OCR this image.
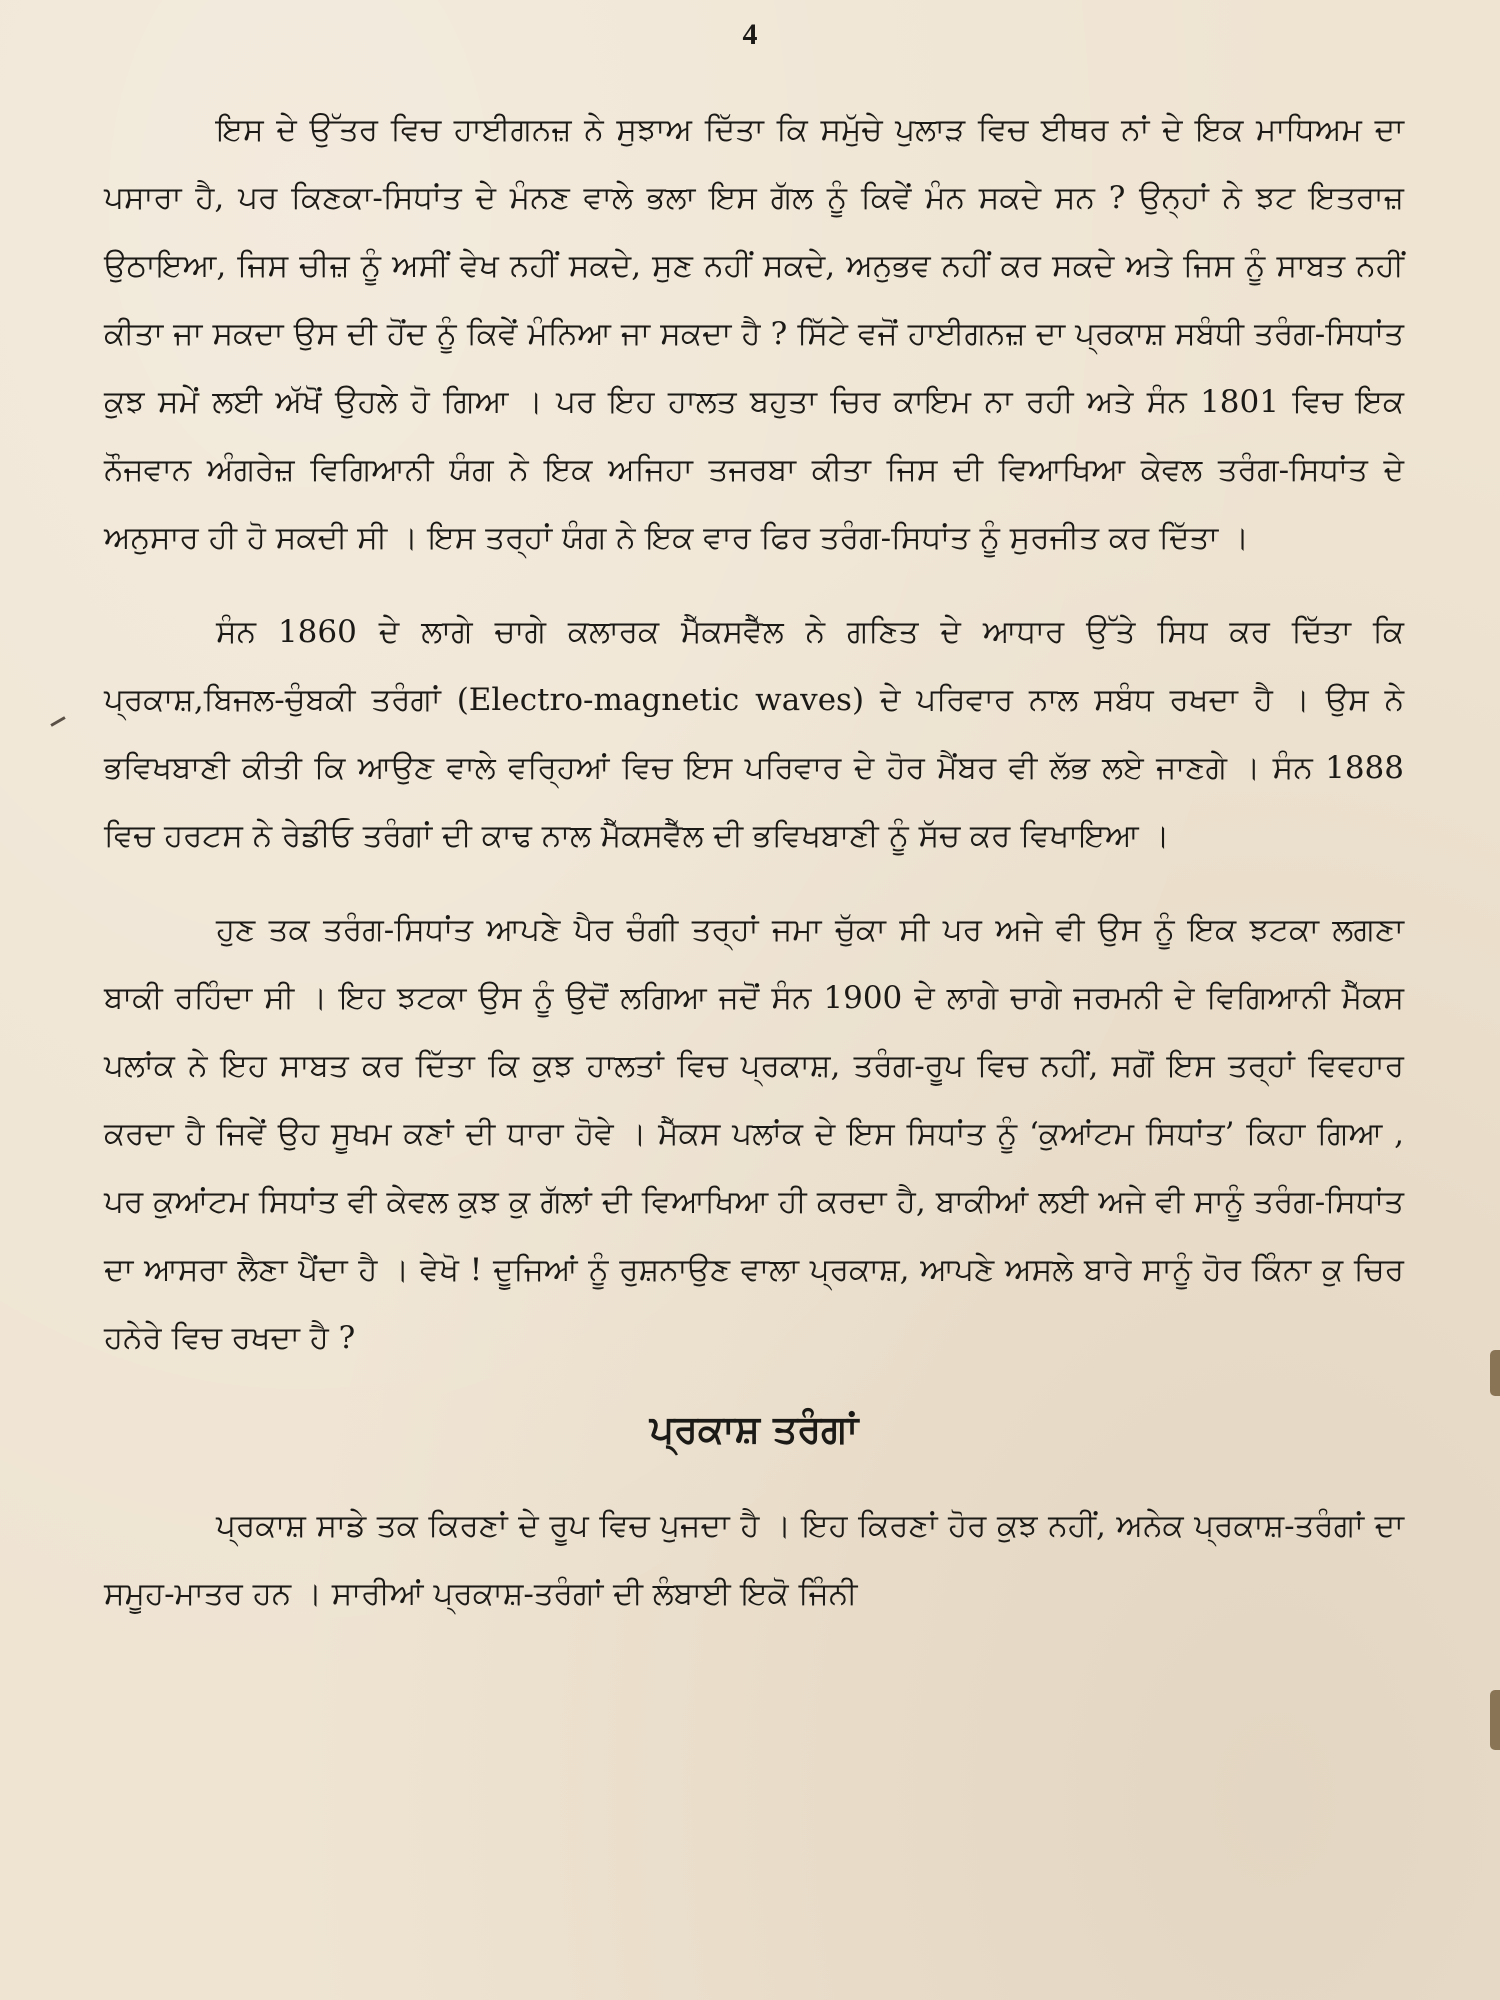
4

ਇਸ ਦੇ ਉੱਤਰ ਵਿਚ ਹਾਈਗਨਜ਼ ਨੇ ਸੁਝਾਅ ਦਿੱਤਾ ਕਿ ਸਮੁੱਚੇ ਪੁਲਾੜ ਵਿਚ ਈਥਰ ਨਾਂ ਦੇ ਇਕ ਮਾਧਿਅਮ ਦਾ ਪਸਾਰਾ ਹੈ, ਪਰ ਕਿਣਕਾ-ਸਿਧਾਂਤ ਦੇ ਮੰਨਣ ਵਾਲੇ ਭਲਾ ਇਸ ਗੱਲ ਨੂੰ ਕਿਵੇਂ ਮੰਨ ਸਕਦੇ ਸਨ ? ਉਨ੍ਹਾਂ ਨੇ ਝਟ ਇਤਰਾਜ਼ ਉਠਾਇਆ, ਜਿਸ ਚੀਜ਼ ਨੂੰ ਅਸੀਂ ਵੇਖ ਨਹੀਂ ਸਕਦੇ, ਸੁਣ ਨਹੀਂ ਸਕਦੇ, ਅਨੁਭਵ ਨਹੀਂ ਕਰ ਸਕਦੇ ਅਤੇ ਜਿਸ ਨੂੰ ਸਾਬਤ ਨਹੀਂ ਕੀਤਾ ਜਾ ਸਕਦਾ ਉਸ ਦੀ ਹੋਂਦ ਨੂੰ ਕਿਵੇਂ ਮੰਨਿਆ ਜਾ ਸਕਦਾ ਹੈ ? ਸਿੱਟੇ ਵਜੋਂ ਹਾਈਗਨਜ਼ ਦਾ ਪ੍ਰਕਾਸ਼ ਸਬੰਧੀ ਤਰੰਗ-ਸਿਧਾਂਤ ਕੁਝ ਸਮੇਂ ਲਈ ਅੱਖੋਂ ਉਹਲੇ ਹੋ ਗਿਆ । ਪਰ ਇਹ ਹਾਲਤ ਬਹੁਤਾ ਚਿਰ ਕਾਇਮ ਨਾ ਰਹੀ ਅਤੇ ਸੰਨ 1801 ਵਿਚ ਇਕ ਨੌਜਵਾਨ ਅੰਗਰੇਜ਼ ਵਿਗਿਆਨੀ ਯੰਗ ਨੇ ਇਕ ਅਜਿਹਾ ਤਜਰਬਾ ਕੀਤਾ ਜਿਸ ਦੀ ਵਿਆਖਿਆ ਕੇਵਲ ਤਰੰਗ-ਸਿਧਾਂਤ ਦੇ ਅਨੁਸਾਰ ਹੀ ਹੋ ਸਕਦੀ ਸੀ । ਇਸ ਤਰ੍ਹਾਂ ਯੰਗ ਨੇ ਇਕ ਵਾਰ ਫਿਰ ਤਰੰਗ-ਸਿਧਾਂਤ ਨੂੰ ਸੁਰਜੀਤ ਕਰ ਦਿੱਤਾ ।

ਸੰਨ 1860 ਦੇ ਲਾਗੇ ਚਾਗੇ ਕਲਾਰਕ ਮੈੱਕਸਵੈੱਲ ਨੇ ਗਣਿਤ ਦੇ ਆਧਾਰ ਉੱਤੇ ਸਿਧ ਕਰ ਦਿੱਤਾ ਕਿ ਪ੍ਰਕਾਸ਼,ਬਿਜਲ-ਚੁੰਬਕੀ ਤਰੰਗਾਂ (Electro-magnetic waves) ਦੇ ਪਰਿਵਾਰ ਨਾਲ ਸਬੰਧ ਰਖਦਾ ਹੈ । ਉਸ ਨੇ ਭਵਿਖਬਾਣੀ ਕੀਤੀ ਕਿ ਆਉਣ ਵਾਲੇ ਵਰ੍ਹਿਆਂ ਵਿਚ ਇਸ ਪਰਿਵਾਰ ਦੇ ਹੋਰ ਮੈਂਬਰ ਵੀ ਲੱਭ ਲਏ ਜਾਣਗੇ । ਸੰਨ 1888 ਵਿਚ ਹਰਟਸ ਨੇ ਰੇਡੀਓ ਤਰੰਗਾਂ ਦੀ ਕਾਢ ਨਾਲ ਮੈੱਕਸਵੈੱਲ ਦੀ ਭਵਿਖਬਾਣੀ ਨੂੰ ਸੱਚ ਕਰ ਵਿਖਾਇਆ ।

ਹੁਣ ਤਕ ਤਰੰਗ-ਸਿਧਾਂਤ ਆਪਣੇ ਪੈਰ ਚੰਗੀ ਤਰ੍ਹਾਂ ਜਮਾ ਚੁੱਕਾ ਸੀ ਪਰ ਅਜੇ ਵੀ ਉਸ ਨੂੰ ਇਕ ਝਟਕਾ ਲਗਣਾ ਬਾਕੀ ਰਹਿੰਦਾ ਸੀ । ਇਹ ਝਟਕਾ ਉਸ ਨੂੰ ਉਦੋਂ ਲਗਿਆ ਜਦੋਂ ਸੰਨ 1900 ਦੇ ਲਾਗੇ ਚਾਗੇ ਜਰਮਨੀ ਦੇ ਵਿਗਿਆਨੀ ਮੈੱਕਸ ਪਲਾਂਕ ਨੇ ਇਹ ਸਾਬਤ ਕਰ ਦਿੱਤਾ ਕਿ ਕੁਝ ਹਾਲਤਾਂ ਵਿਚ ਪ੍ਰਕਾਸ਼, ਤਰੰਗ-ਰੂਪ ਵਿਚ ਨਹੀਂ, ਸਗੋਂ ਇਸ ਤਰ੍ਹਾਂ ਵਿਵਹਾਰ ਕਰਦਾ ਹੈ ਜਿਵੇਂ ਉਹ ਸੂਖਮ ਕਣਾਂ ਦੀ ਧਾਰਾ ਹੋਵੇ । ਮੈੱਕਸ ਪਲਾਂਕ ਦੇ ਇਸ ਸਿਧਾਂਤ ਨੂੰ ‘ਕੁਆਂਟਮ ਸਿਧਾਂਤ’ ਕਿਹਾ ਗਿਆ , ਪਰ ਕੁਆਂਟਮ ਸਿਧਾਂਤ ਵੀ ਕੇਵਲ ਕੁਝ ਕੁ ਗੱਲਾਂ ਦੀ ਵਿਆਖਿਆ ਹੀ ਕਰਦਾ ਹੈ, ਬਾਕੀਆਂ ਲਈ ਅਜੇ ਵੀ ਸਾਨੂੰ ਤਰੰਗ-ਸਿਧਾਂਤ ਦਾ ਆਸਰਾ ਲੈਣਾ ਪੈਂਦਾ ਹੈ । ਵੇਖੋ ! ਦੂਜਿਆਂ ਨੂੰ ਰੁਸ਼ਨਾਉਣ ਵਾਲਾ ਪ੍ਰਕਾਸ਼, ਆਪਣੇ ਅਸਲੇ ਬਾਰੇ ਸਾਨੂੰ ਹੋਰ ਕਿੰਨਾ ਕੁ ਚਿਰ ਹਨੇਰੇ ਵਿਚ ਰਖਦਾ ਹੈ ?

ਪ੍ਰਕਾਸ਼ ਤਰੰਗਾਂ

ਪ੍ਰਕਾਸ਼ ਸਾਡੇ ਤਕ ਕਿਰਣਾਂ ਦੇ ਰੂਪ ਵਿਚ ਪੁਜਦਾ ਹੈ । ਇਹ ਕਿਰਣਾਂ ਹੋਰ ਕੁਝ ਨਹੀਂ, ਅਨੇਕ ਪ੍ਰਕਾਸ਼-ਤਰੰਗਾਂ ਦਾ ਸਮੂਹ-ਮਾਤਰ ਹਨ । ਸਾਰੀਆਂ ਪ੍ਰਕਾਸ਼-ਤਰੰਗਾਂ ਦੀ ਲੰਬਾਈ ਇਕੋ ਜਿੰਨੀ
